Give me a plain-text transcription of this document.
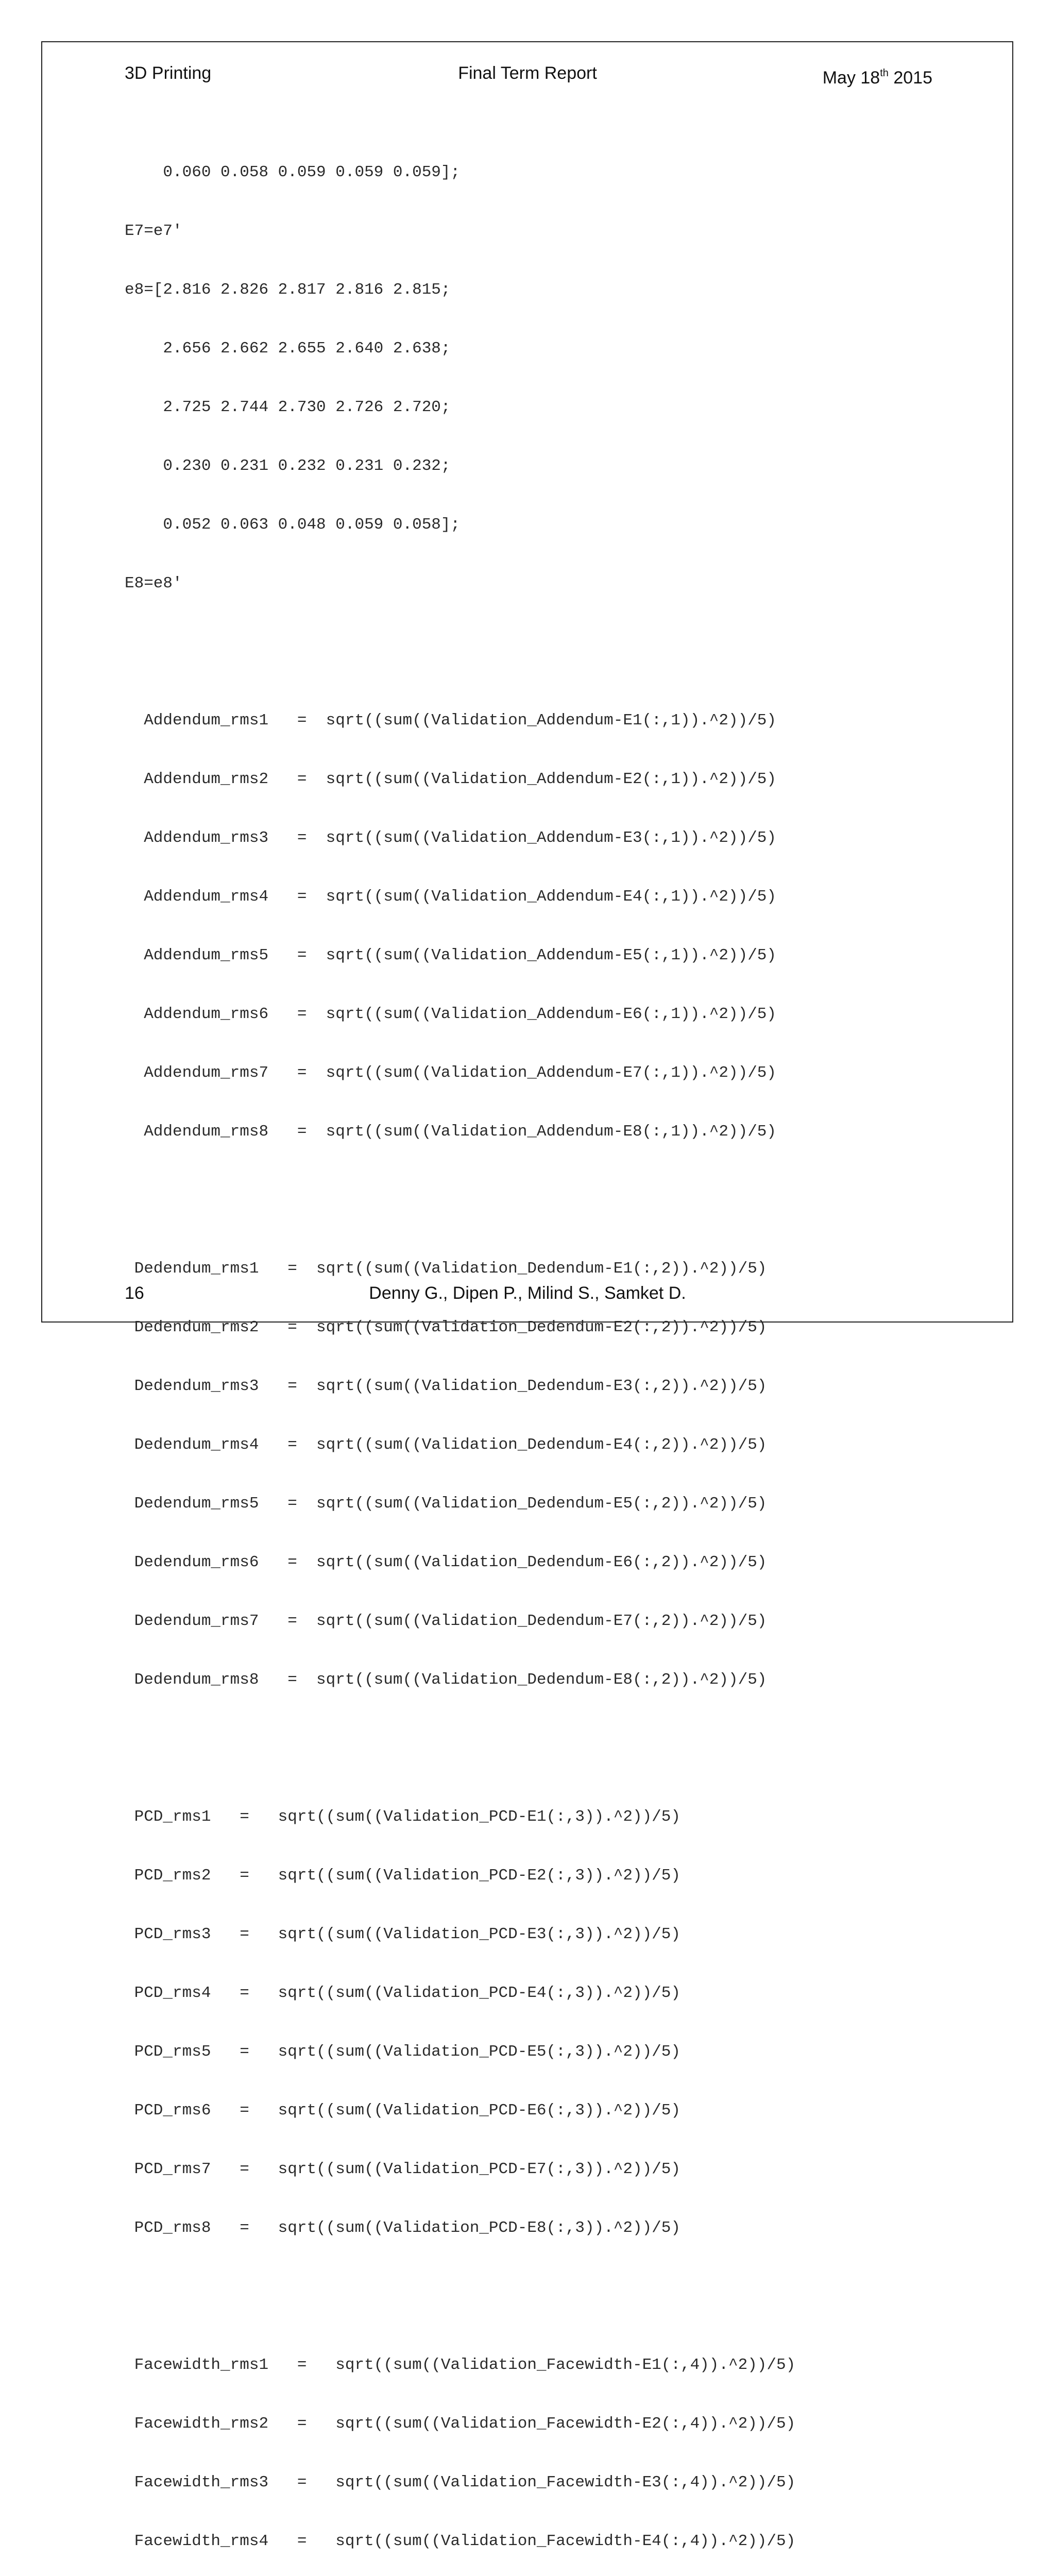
3D Printing	Final Term Report	May 18th 2015

0.060 0.058 0.059 0.059 0.059];

E7=e7'

e8=[2.816 2.826 2.817 2.816 2.815;

2.656 2.662 2.655 2.640 2.638;

2.725 2.744 2.730 2.726 2.720;

0.230 0.231 0.232 0.231 0.232;

0.052 0.063 0.048 0.059 0.058];

E8=e8'

Addendum_rms1   =  sqrt((sum((Validation_Addendum-E1(:,1)).^2))/5)

Addendum_rms2   =  sqrt((sum((Validation_Addendum-E2(:,1)).^2))/5)

Addendum_rms3   =  sqrt((sum((Validation_Addendum-E3(:,1)).^2))/5)

Addendum_rms4   =  sqrt((sum((Validation_Addendum-E4(:,1)).^2))/5)

Addendum_rms5   =  sqrt((sum((Validation_Addendum-E5(:,1)).^2))/5)

Addendum_rms6   =  sqrt((sum((Validation_Addendum-E6(:,1)).^2))/5)

Addendum_rms7   =  sqrt((sum((Validation_Addendum-E7(:,1)).^2))/5)

Addendum_rms8   =  sqrt((sum((Validation_Addendum-E8(:,1)).^2))/5)

Dedendum_rms1   =  sqrt((sum((Validation_Dedendum-E1(:,2)).^2))/5)

Dedendum_rms2   =  sqrt((sum((Validation_Dedendum-E2(:,2)).^2))/5)

Dedendum_rms3   =  sqrt((sum((Validation_Dedendum-E3(:,2)).^2))/5)

Dedendum_rms4   =  sqrt((sum((Validation_Dedendum-E4(:,2)).^2))/5)

Dedendum_rms5   =  sqrt((sum((Validation_Dedendum-E5(:,2)).^2))/5)

Dedendum_rms6   =  sqrt((sum((Validation_Dedendum-E6(:,2)).^2))/5)

Dedendum_rms7   =  sqrt((sum((Validation_Dedendum-E7(:,2)).^2))/5)

Dedendum_rms8   =  sqrt((sum((Validation_Dedendum-E8(:,2)).^2))/5)

PCD_rms1   =   sqrt((sum((Validation_PCD-E1(:,3)).^2))/5)

PCD_rms2   =   sqrt((sum((Validation_PCD-E2(:,3)).^2))/5)

PCD_rms3   =   sqrt((sum((Validation_PCD-E3(:,3)).^2))/5)

PCD_rms4   =   sqrt((sum((Validation_PCD-E4(:,3)).^2))/5)

PCD_rms5   =   sqrt((sum((Validation_PCD-E5(:,3)).^2))/5)

PCD_rms6   =   sqrt((sum((Validation_PCD-E6(:,3)).^2))/5)

PCD_rms7   =   sqrt((sum((Validation_PCD-E7(:,3)).^2))/5)

PCD_rms8   =   sqrt((sum((Validation_PCD-E8(:,3)).^2))/5)

Facewidth_rms1   =   sqrt((sum((Validation_Facewidth-E1(:,4)).^2))/5)

Facewidth_rms2   =   sqrt((sum((Validation_Facewidth-E2(:,4)).^2))/5)

Facewidth_rms3   =   sqrt((sum((Validation_Facewidth-E3(:,4)).^2))/5)

Facewidth_rms4   =   sqrt((sum((Validation_Facewidth-E4(:,4)).^2))/5)

16	Denny G., Dipen P., Milind S., Samket D.
